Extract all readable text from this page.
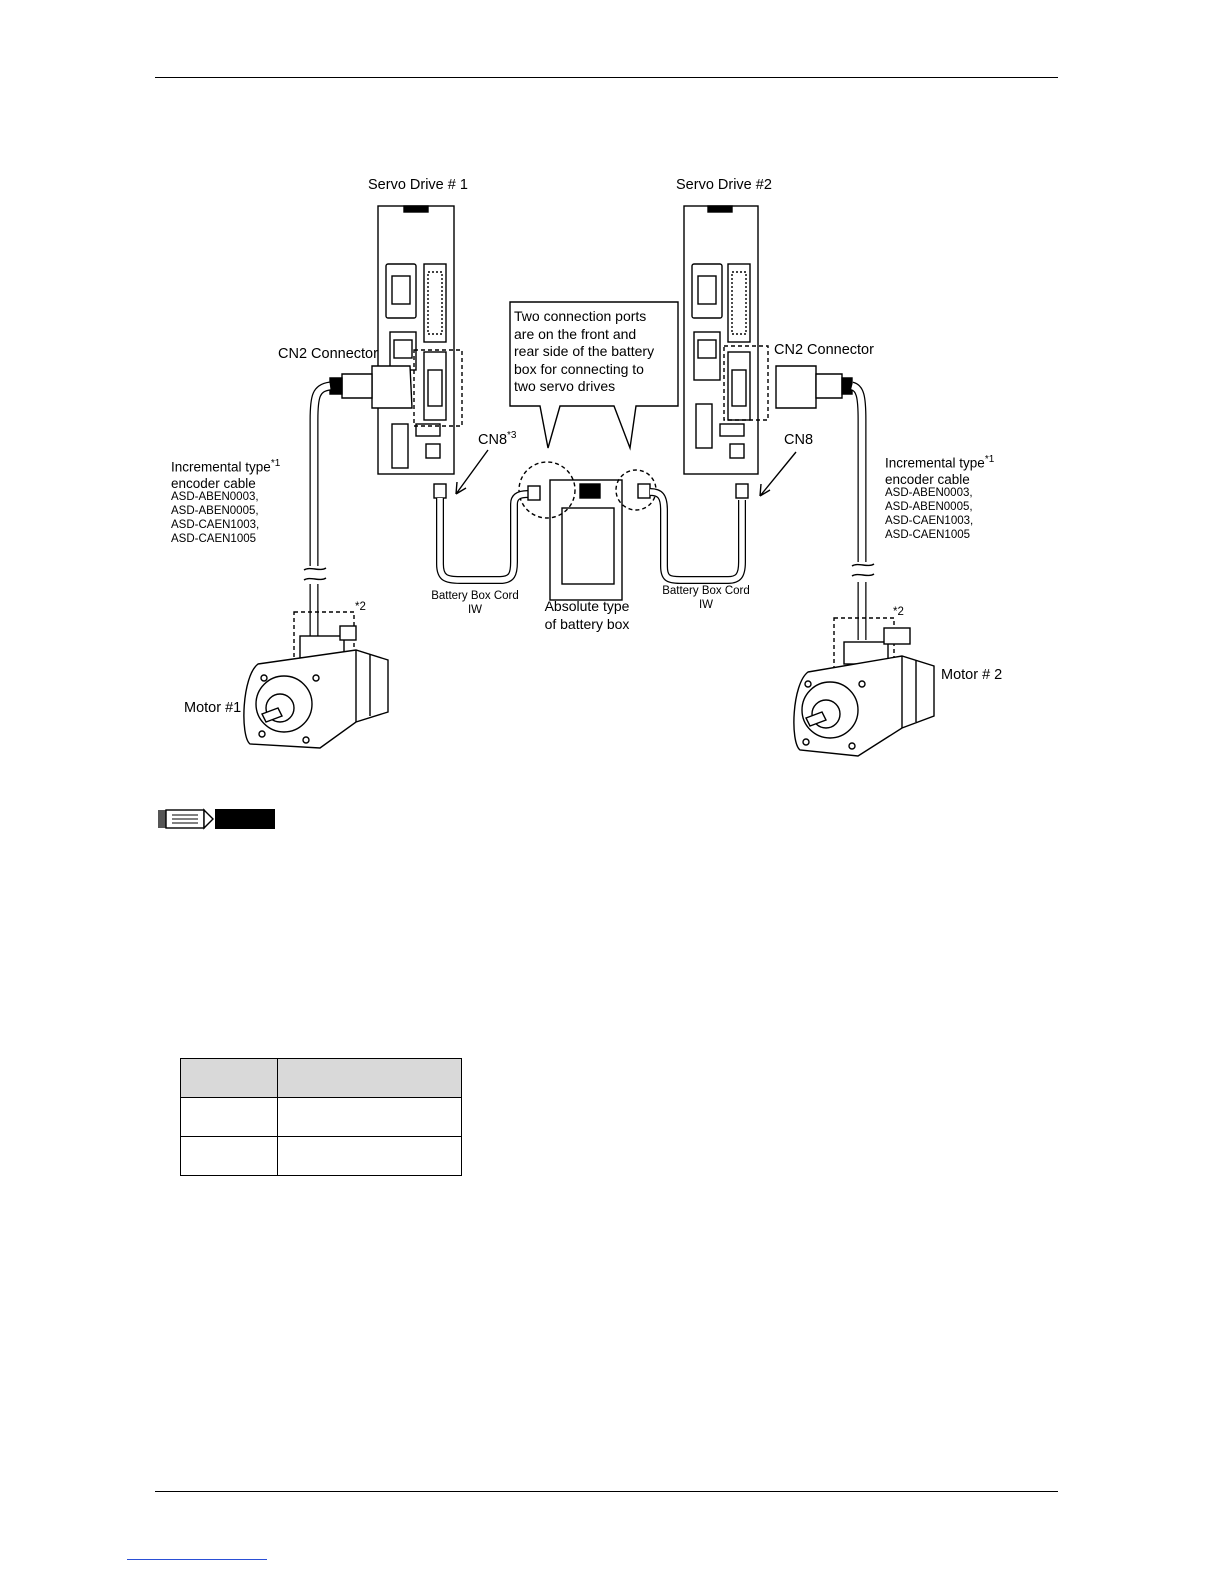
Servo Drive # 1	Servo Drive #2
CN2 Connector	CN2 Connector
CN8$^{*3}$	CN8
Two connection ports
are on the front and
rear side of the battery
box for connecting to
two servo drives
Incremental type$^{*1}$
encoder cable
ASD-ABEN0003,
ASD-ABEN0005,
ASD-CAEN1003,
ASD-CAEN1005
Incremental type$^{*1}$
encoder cable
ASD-ABEN0003,
ASD-ABEN0005,
ASD-CAEN1003,
ASD-CAEN1005
*2	*2
Battery Box Cord
IW
Battery Box Cord
IW
Absolute type
of battery box
Motor #1
Motor # 2
